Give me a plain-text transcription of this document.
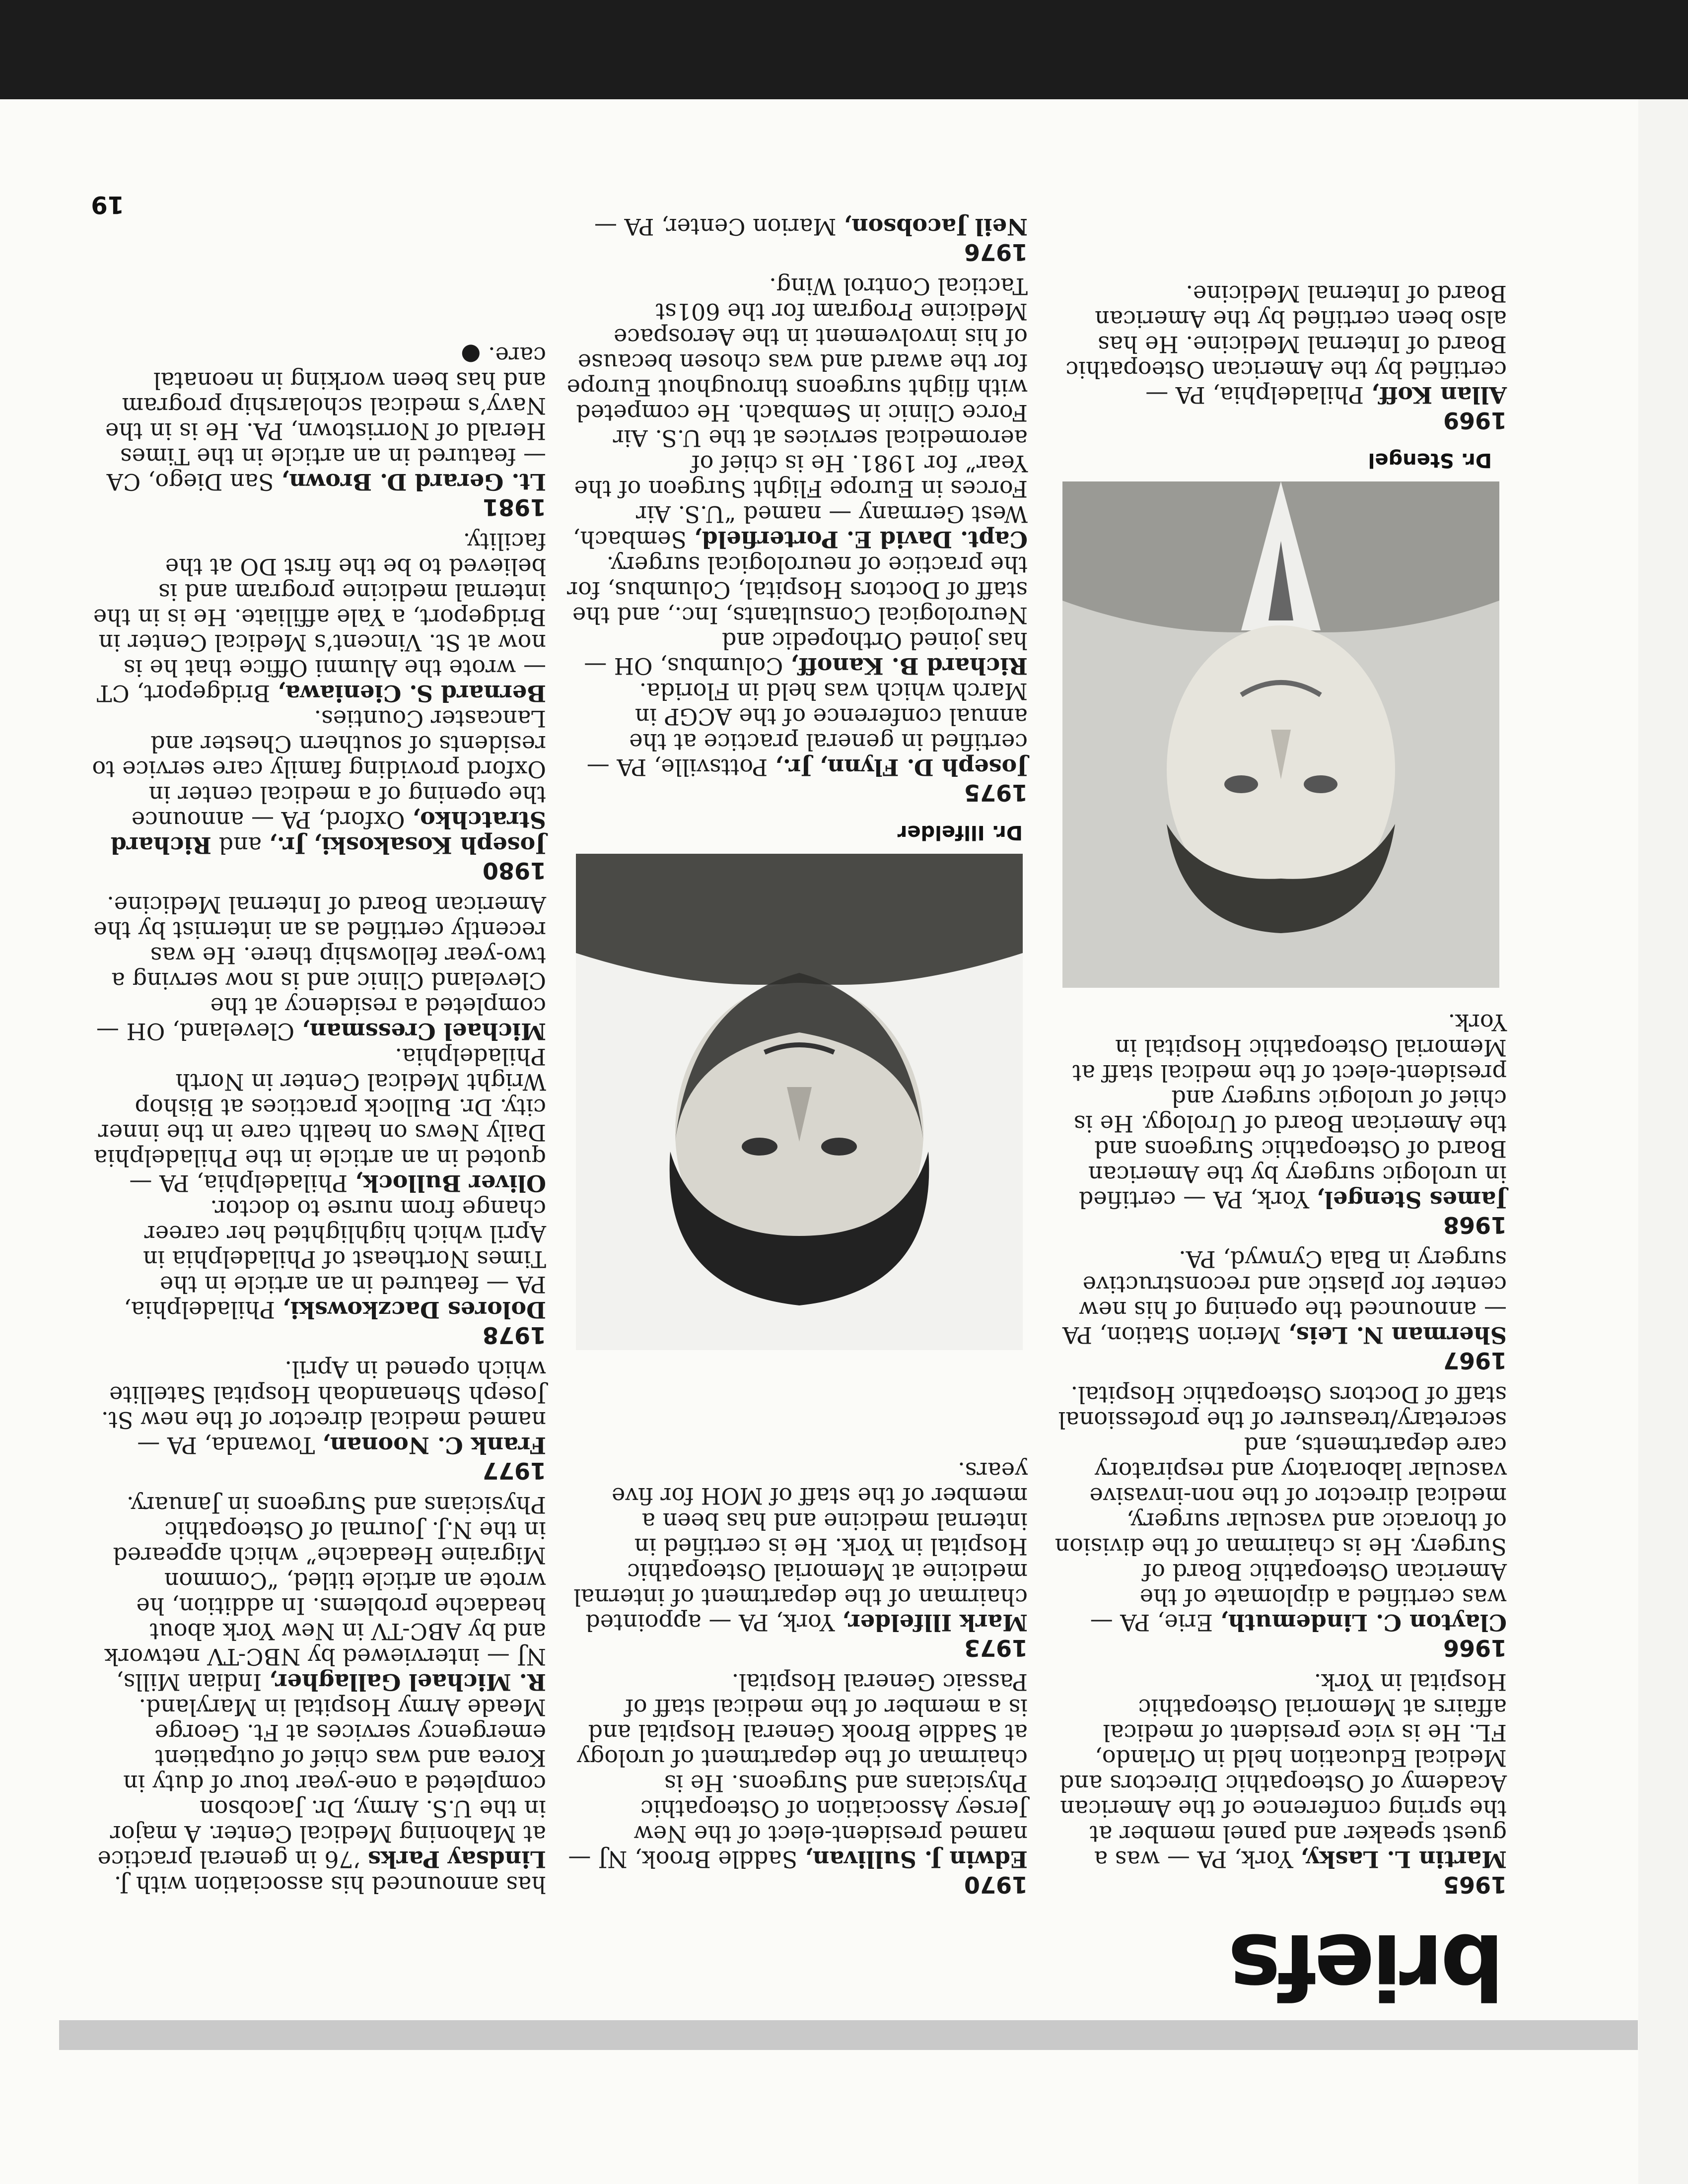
briefs

1965

Martin L. Lasky, York, PA — was a guest speaker and panel member at the spring conference of the American Academy of Osteopathic Directors and Medical Education held in Orlando, FL. He is vice president of medical affairs at Memorial Osteopathic Hospital in York.

1966

Clayton C. Lindemuth, Erie, PA — was certified a diplomate of the American Osteopathic Board of Surgery. He is chairman of the division of thoracic and vascular surgery, medical director of the non-invasive vascular laboratory and respiratory care departments, and secretary/treasurer of the professional staff of Doctors Osteopathic Hospital.

1967

Sherman N. Leis, Merion Station, PA — announced the opening of his new center for plastic and reconstructive surgery in Bala Cynwyd, PA.

1968

James Stengel, York, PA — certified in urologic surgery by the American Board of Osteopathic Surgeons and the American Board of Urology. He is chief of urologic surgery and president-elect of the medical staff at Memorial Osteopathic Hospital in York.

Dr. Stengel

1969

Allan Koff, Philadelphia, PA — certified by the American Osteopathic Board of Internal Medicine. He has also been certified by the American Board of Internal Medicine.

1970

Edwin J. Sullivan, Saddle Brook, NJ — named president-elect of the New Jersey Association of Osteopathic Physicians and Surgeons. He is chairman of the department of urology at Saddle Brook General Hospital and is a member of the medical staff of Passaic General Hospital.

1973

Mark Illfelder, York, PA — appointed chairman of the department of internal medicine at Memorial Osteopathic Hospital in York. He is certified in internal medicine and has been a member of the staff of MOH for five years.

Dr. Illfelder

1975

Joseph D. Flynn, Jr., Pottsville, PA — certified in general practice at the annual conference of the ACGP in March which was held in Florida.

Richard B. Kanoff, Columbus, OH — has joined Orthopedic and Neurological Consultants, Inc., and the staff of Doctors Hospital, Columbus, for the practice of neurological surgery.

Capt. David E. Porterfield, Sembach, West Germany — named “U.S. Air Forces in Europe Flight Surgeon of the Year” for 1981. He is chief of aeromedical services at the U.S. Air Force Clinic in Sembach. He competed with flight surgeons throughout Europe for the award and was chosen because of his involvement in the Aerospace Medicine Program for the 601st Tactical Control Wing.

1976

Neil Jacobson, Marion Center, PA —

has announced his association with J.

Lindsay Parks ’76 in general practice at Mahoning Medical Center. A major in the U.S. Army, Dr. Jacobson completed a one-year tour of duty in Korea and was chief of outpatient emergency services at Ft. George Meade Army Hospital in Maryland.

R. Michael Gallagher, Indian Mills, NJ — interviewed by NBC-TV network and by ABC-TV in New York about headache problems. In addition, he wrote an article titled, “Common Migraine Headache” which appeared in the N.J. Journal of Osteopathic Physicians and Surgeons in January.

1977

Frank C. Noonan, Towanda, PA — named medical director of the new St. Joseph Shenandoah Hospital Satellite which opened in April.

1978

Dolores Daczkowski, Philadelphia, PA — featured in an article in the Times Northeast of Philadelphia in April which highlighted her career change from nurse to doctor.

Oliver Bullock, Philadelphia, PA — quoted in an article in the Philadelphia Daily News on health care in the inner city. Dr. Bullock practices at Bishop Wright Medical Center in North Philadelphia.

Michael Cressman, Cleveland, OH — completed a residency at the Cleveland Clinic and is now serving a two-year fellowship there. He was recently certified as an internist by the American Board of Internal Medicine.

1980

Joseph Kosakoski, Jr., and Richard Stratchko, Oxford, PA — announce the opening of a medical center in Oxford providing family care service to residents of southern Chester and Lancaster Counties.

Bernard S. Cieniawa, Bridgeport, CT — wrote the Alumni Office that he is now at St. Vincent’s Medical Center in Bridgeport, a Yale affiliate. He is in the internal medicine program and is believed to be the first DO at the facility.

1981

Lt. Gerard D. Brown, San Diego, CA — featured in an article in the Times Herald of Norristown, PA. He is in the Navy’s medical scholarship program and has been working in neonatal care. ●

19
